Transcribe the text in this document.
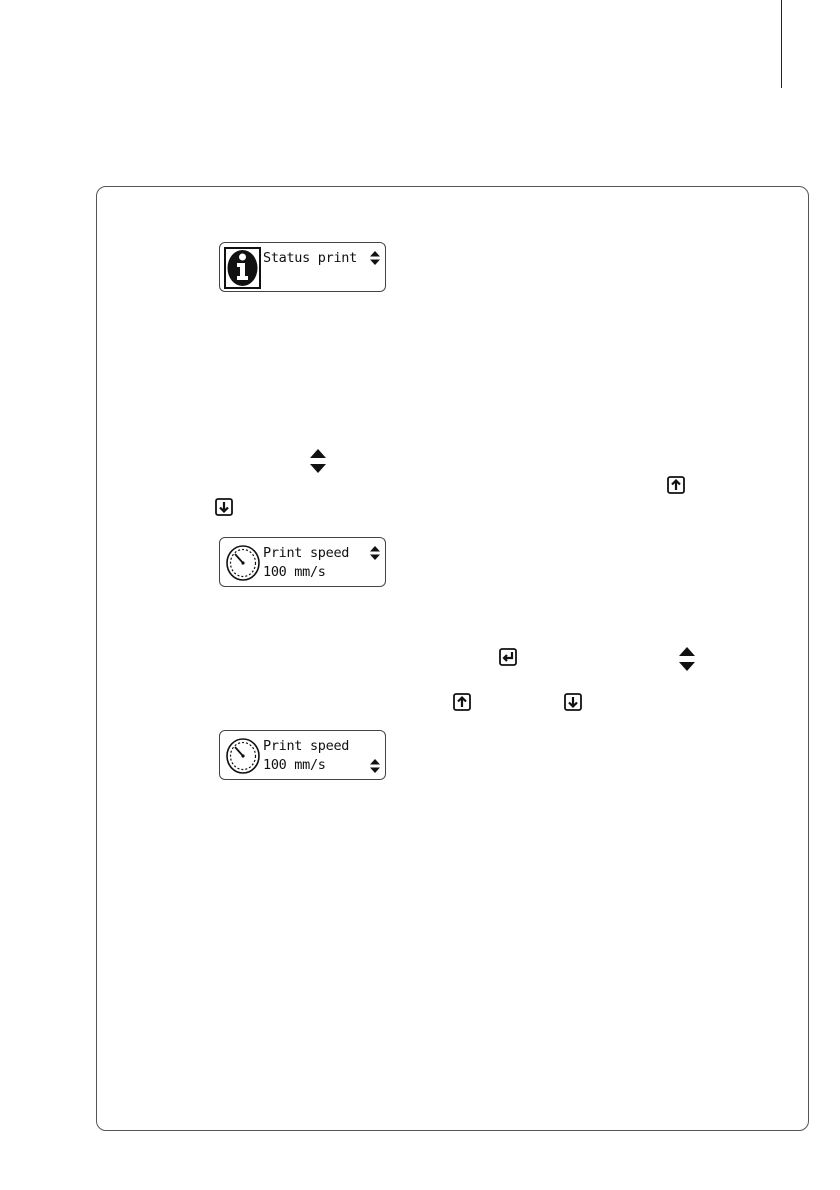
Status print
Print speed
100 mm/s
Print speed
100 mm/s
